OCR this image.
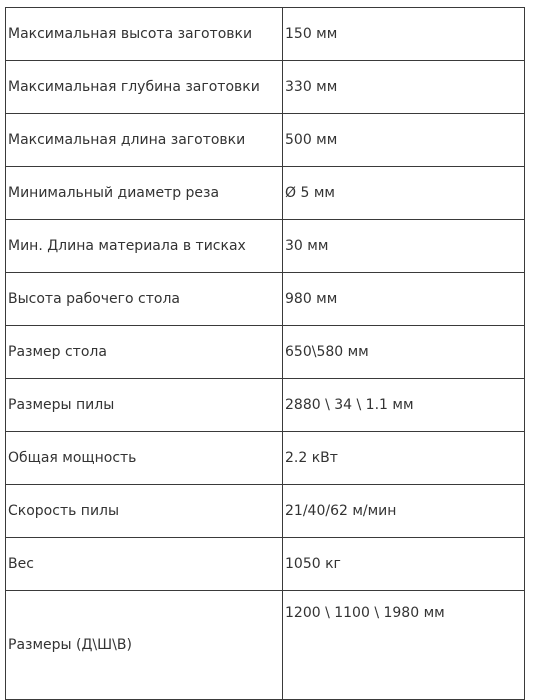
Максимальная высота заготовки	150 мм
Максимальная глубина заготовки	330 мм
Максимальная длина заготовки	500 мм
Минимальный диаметр реза	Ø 5 мм
Мин. Длина материала в тисках	30 мм
Высота рабочего стола	980 мм
Размер стола	650\580 мм
Размеры пилы	2880 \ 34 \ 1.1 мм
Общая мощность	2.2 кВт
Скорость пилы	21/40/62 м/мин
Вес	1050 кг
Размеры (Д\Ш\В)	1200 \ 1100 \ 1980 мм
